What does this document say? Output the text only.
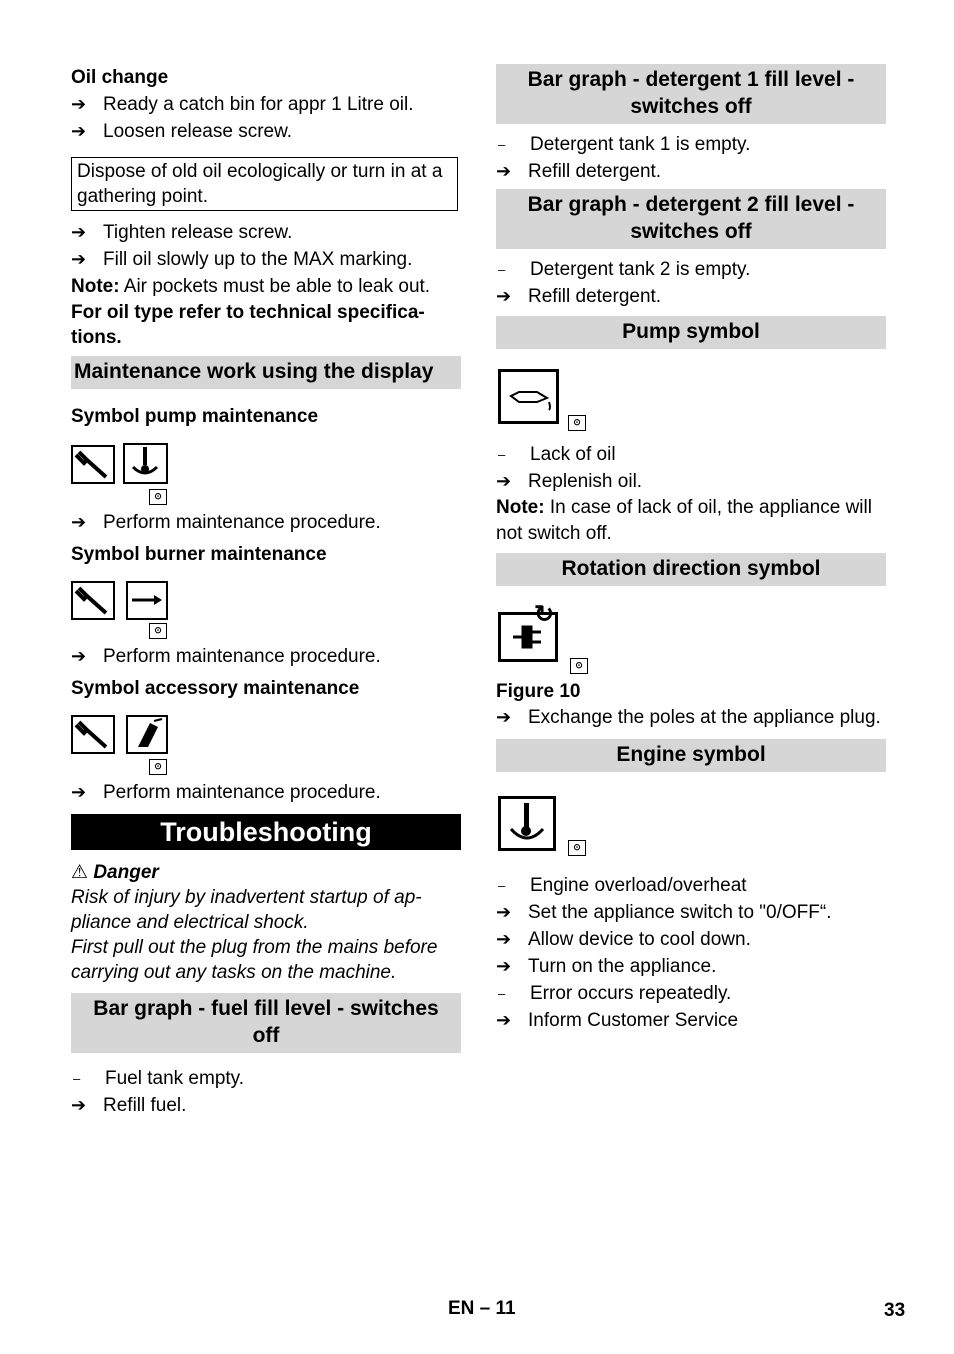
Oil change
➔ Ready a catch bin for appr 1 Litre oil.
➔ Loosen release screw.
Dispose of old oil ecologically or turn in at a gathering point.
➔ Tighten release screw.
➔ Fill oil slowly up to the MAX marking.
Note: Air pockets must be able to leak out.
For oil type refer to technical specifica-tions.
Maintenance work using the display
Symbol pump maintenance
⊙
➔ Perform maintenance procedure.
Symbol burner maintenance
⊙
➔ Perform maintenance procedure.
Symbol accessory maintenance
⊙
➔ Perform maintenance procedure.
Troubleshooting
⚠ Danger
Risk of injury by inadvertent startup of ap-pliance and electrical shock.
First pull out the plug from the mains before carrying out any tasks on the machine.
Bar graph - fuel fill level - switches off
–	Fuel tank empty.
➔ Refill fuel.
Bar graph - detergent 1 fill level - switches off
–	Detergent tank 1 is empty.
➔ Refill detergent.
Bar graph - detergent 2 fill level - switches off
–	Detergent tank 2 is empty.
➔ Refill detergent.
Pump symbol
⊙
–	Lack of oil
➔ Replenish oil.
Note: In case of lack of oil, the appliance will not switch off.
Rotation direction symbol
↻
⊙
Figure 10
➔ Exchange the poles at the appliance plug.
Engine symbol
⊙
–	Engine overload/overheat
➔ Set the appliance switch to "0/OFF“.
➔ Allow device to cool down.
➔ Turn on the appliance.
–	Error occurs repeatedly.
➔ Inform Customer Service
EN – 11	33
